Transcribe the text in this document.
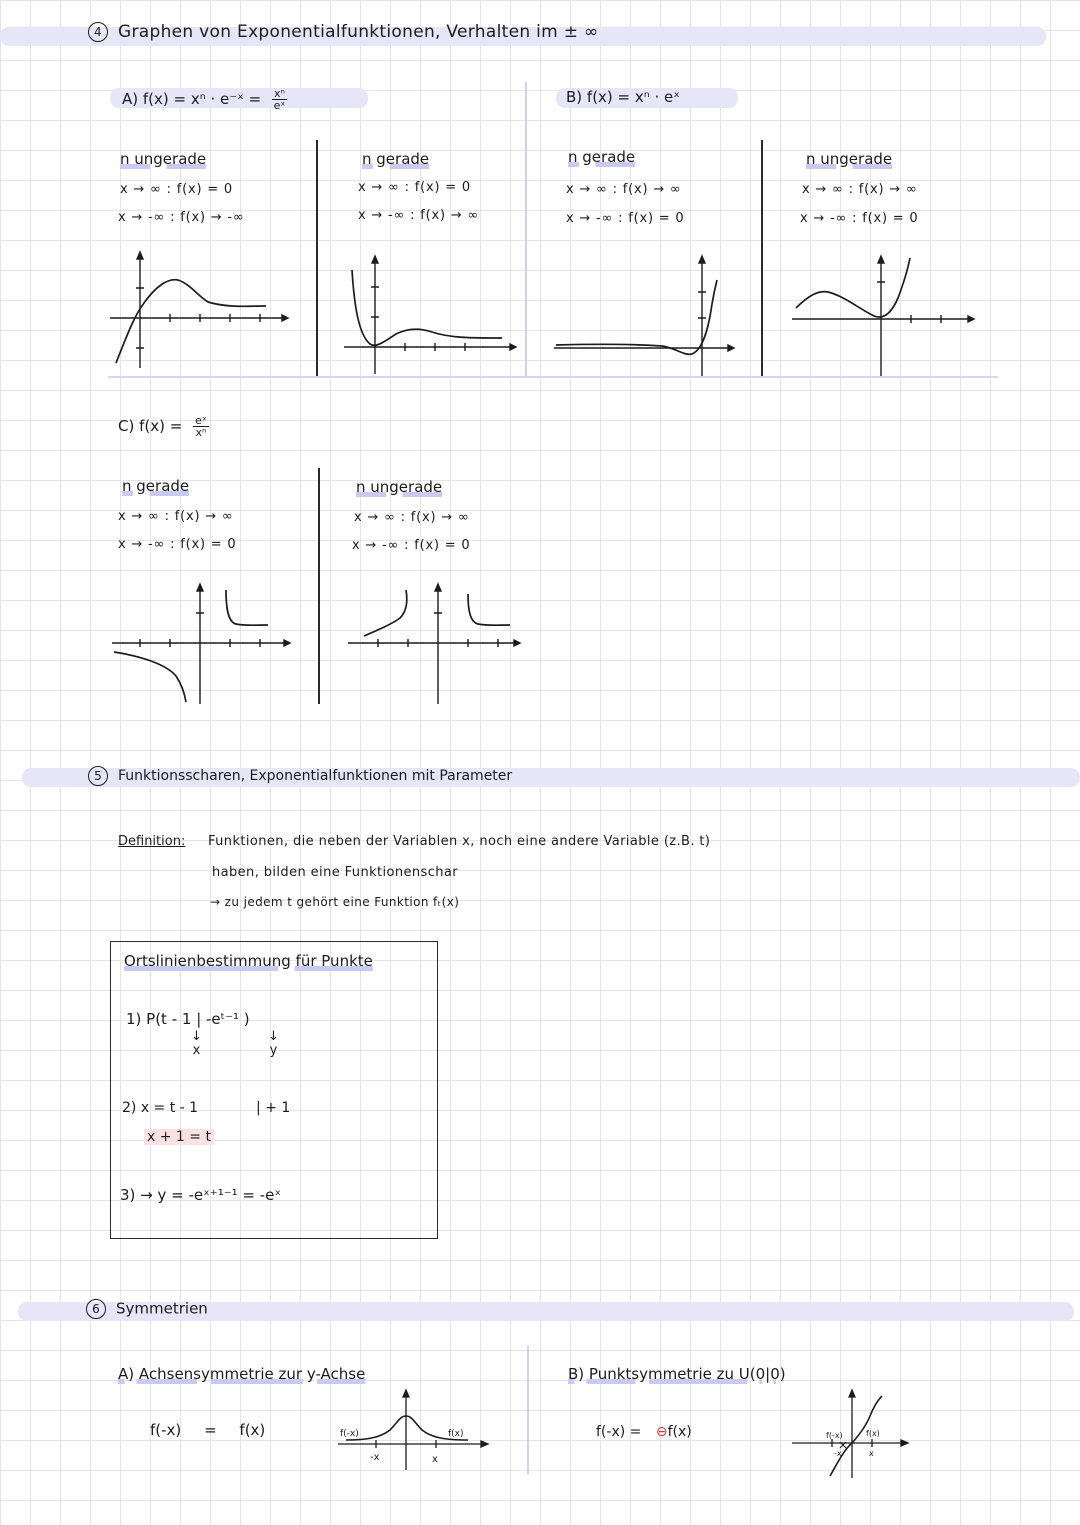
4 Graphen von Exponentialfunktionen, Verhalten im ± ∞
A) f(x) = xⁿ · e⁻ˣ = $\frac{\text{xⁿ}}{\text{eˣ}}$	B) f(x) = xⁿ · eˣ
n ungerade
x → ∞ : f(x) = 0
x → -∞ : f(x) → -∞
n gerade
x → ∞ : f(x) = 0
x → -∞ : f(x) → ∞
n gerade
x → ∞ : f(x) → ∞
x → -∞ : f(x) = 0
n ungerade
x → ∞ : f(x) → ∞
x → -∞ : f(x) = 0
C) $f(x) = \frac{\text{eˣ}}{\text{xⁿ}}$
n gerade
x → ∞ : f(x) → ∞
x → -∞ : f(x) = 0
n ungerade
x → ∞ : f(x) → ∞
x → -∞ : f(x) = 0
5 Funktionsscharen, Exponentialfunktionen mit Parameter
Definition: Funktionen, die neben der Variablen x, noch eine andere Variable (z.B. t)
haben, bilden eine Funktionenschar
→ zu jedem t gehört eine Funktion fₜ(x)
Ortslinienbestimmung für Punkte
1) P(t - 1 | -eᵗ⁻¹ )
↓
x
↓
y
2) x = t - 1	| + 1
x + 1 = t
3) → y = -eˣ⁺¹⁻¹ = -eˣ
6 Symmetrien
A) Achsensymmetrie zur y-Achse
f(-x) = f(x)	f(-x)	f(x)
-x	x
B) Punktsymmetrie zu U(0|0)
f(-x) = ⊖f(x)	f(-x)	f(x)
-x	x
